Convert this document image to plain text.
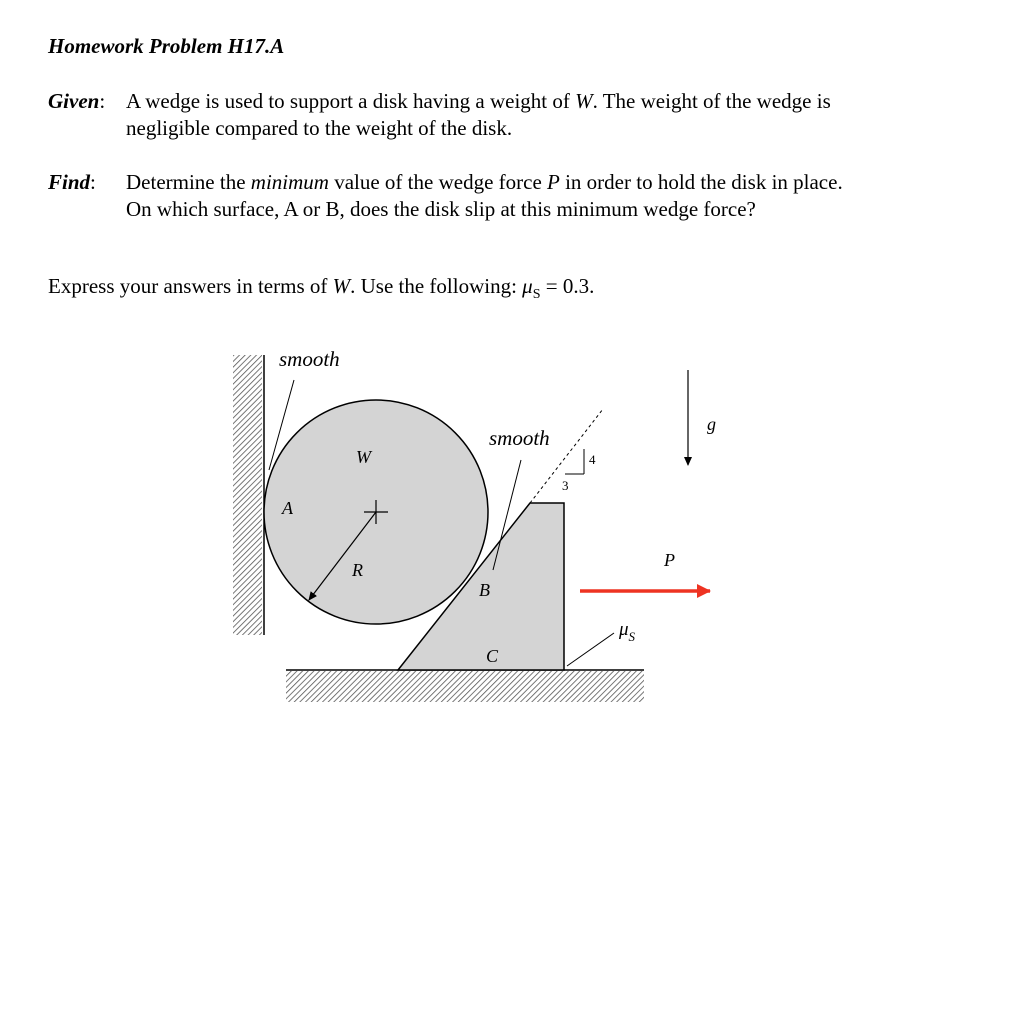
Homework Problem H17.A
Given: A wedge is used to support a disk having a weight of W. The weight of the wedge is negligible compared to the weight of the disk.
Find: Determine the minimum value of the wedge force P in order to hold the disk in place. On which surface, A or B, does the disk slip at this minimum wedge force?
Express your answers in terms of W. Use the following: $\mu_S = 0.3$.
smooth
smooth
W
A
R
B
C
P
g
4
3
$\mu_S$
